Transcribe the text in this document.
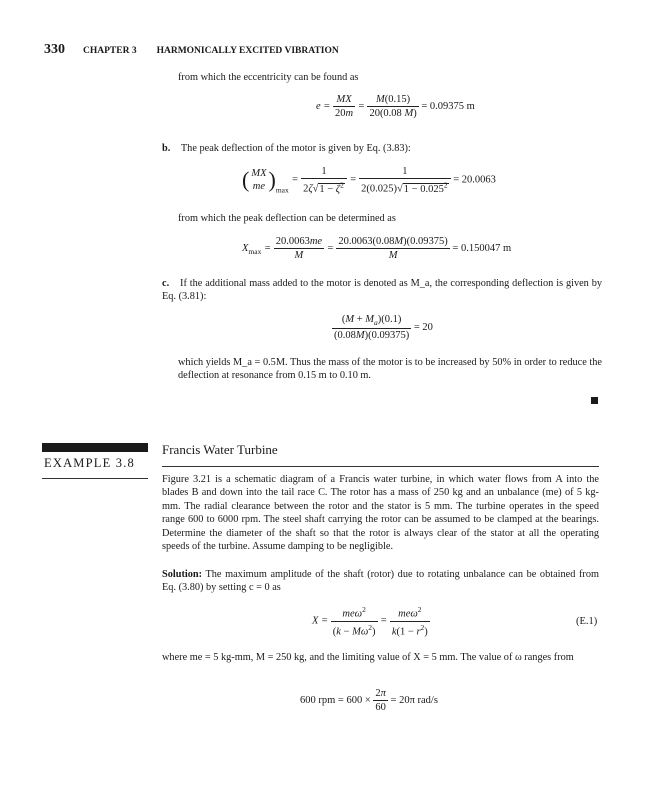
330 CHAPTER 3 HARMONICALLY EXCITED VIBRATION
from which the eccentricity can be found as
$e = \frac{MX}{20m} = \frac{M(0.15)}{20(0.08 M)} = 0.09375$ m
b. The peak deflection of the motor is given by Eq. (3.83):
( MX
me )$_{max} = \frac{1}{2\zeta√1 - \zeta^2} = \frac{1}{2(0.025)√1 - 0.025^2} = 20.0063$
from which the peak deflection can be determined as
$X_{max} = \frac{20.0063me}{M} = \frac{20.0063(0.08M)(0.09375)}{M} = 0.150047$ m
c. If the additional mass added to the motor is denoted as M_a, the corresponding deflection is given by Eq. (3.81):
$\frac{(M + M_a)(0.1)}{(0.08M)(0.09375)} = 20$
which yields M_a = 0.5M. Thus the mass of the motor is to be increased by 50% in order to reduce the deflection at resonance from 0.15 m to 0.10 m.
EXAMPLE 3.8
Francis Water Turbine
Figure 3.21 is a schematic diagram of a Francis water turbine, in which water flows from A into the blades B and down into the tail race C. The rotor has a mass of 250 kg and an unbalance (me) of 5 kg-mm. The radial clearance between the rotor and the stator is 5 mm. The turbine operates in the speed range 600 to 6000 rpm. The steel shaft carrying the rotor can be assumed to be clamped at the bearings. Determine the diameter of the shaft so that the rotor is always clear of the stator at all the operating speeds of the turbine. Assume damping to be negligible.
Solution: The maximum amplitude of the shaft (rotor) due to rotating unbalance can be obtained from Eq. (3.80) by setting c = 0 as
$X = \frac{me\omega^2}{(k - M\omega^2)} = \frac{me\omega^2}{k(1 - r^2)}$	(E.1)
where me = 5 kg-mm, M = 250 kg, and the limiting value of X = 5 mm. The value of ω ranges from
600 rpm = $600 \times \frac{2\pi}{60} = 20\pi$ rad/s
